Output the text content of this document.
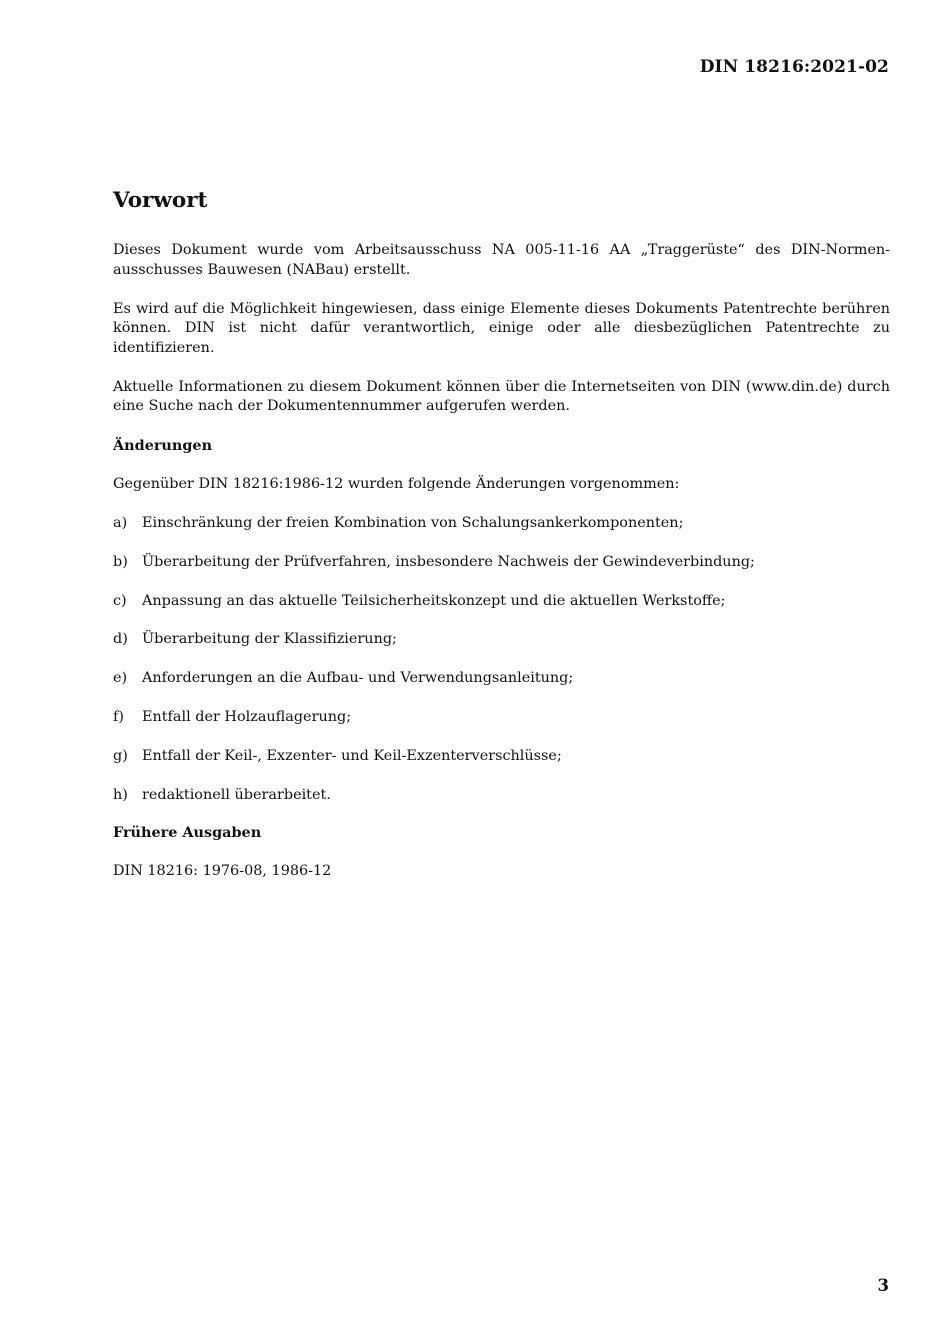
DIN 18216:2021-02
Vorwort

Dieses Dokument wurde vom Arbeitsausschuss NA 005-11-16 AA „Traggerüste“ des DIN-Normenausschusses Bauwesen (NABau) erstellt.

Es wird auf die Möglichkeit hingewiesen, dass einige Elemente dieses Dokuments Patentrechte berühren können. DIN ist nicht dafür verantwortlich, einige oder alle diesbezüglichen Patentrechte zu identifizieren.

Aktuelle Informationen zu diesem Dokument können über die Internetseiten von DIN (www.din.de) durch eine Suche nach der Dokumentennummer aufgerufen werden.

Änderungen

Gegenüber DIN 18216:1986-12 wurden folgende Änderungen vorgenommen:

a)	Einschränkung der freien Kombination von Schalungsankerkomponenten;
b) Überarbeitung der Prüfverfahren, insbesondere Nachweis der Gewindeverbindung;
c)	Anpassung an das aktuelle Teilsicherheitskonzept und die aktuellen Werkstoffe;
d) Überarbeitung der Klassifizierung;
e)	Anforderungen an die Aufbau- und Verwendungsanleitung;
f)	Entfall der Holzauflagerung;
g) Entfall der Keil-, Exzenter- und Keil-Exzenterverschlüsse;
h) redaktionell überarbeitet.
Frühere Ausgaben

DIN 18216: 1976-08, 1986-12

3
